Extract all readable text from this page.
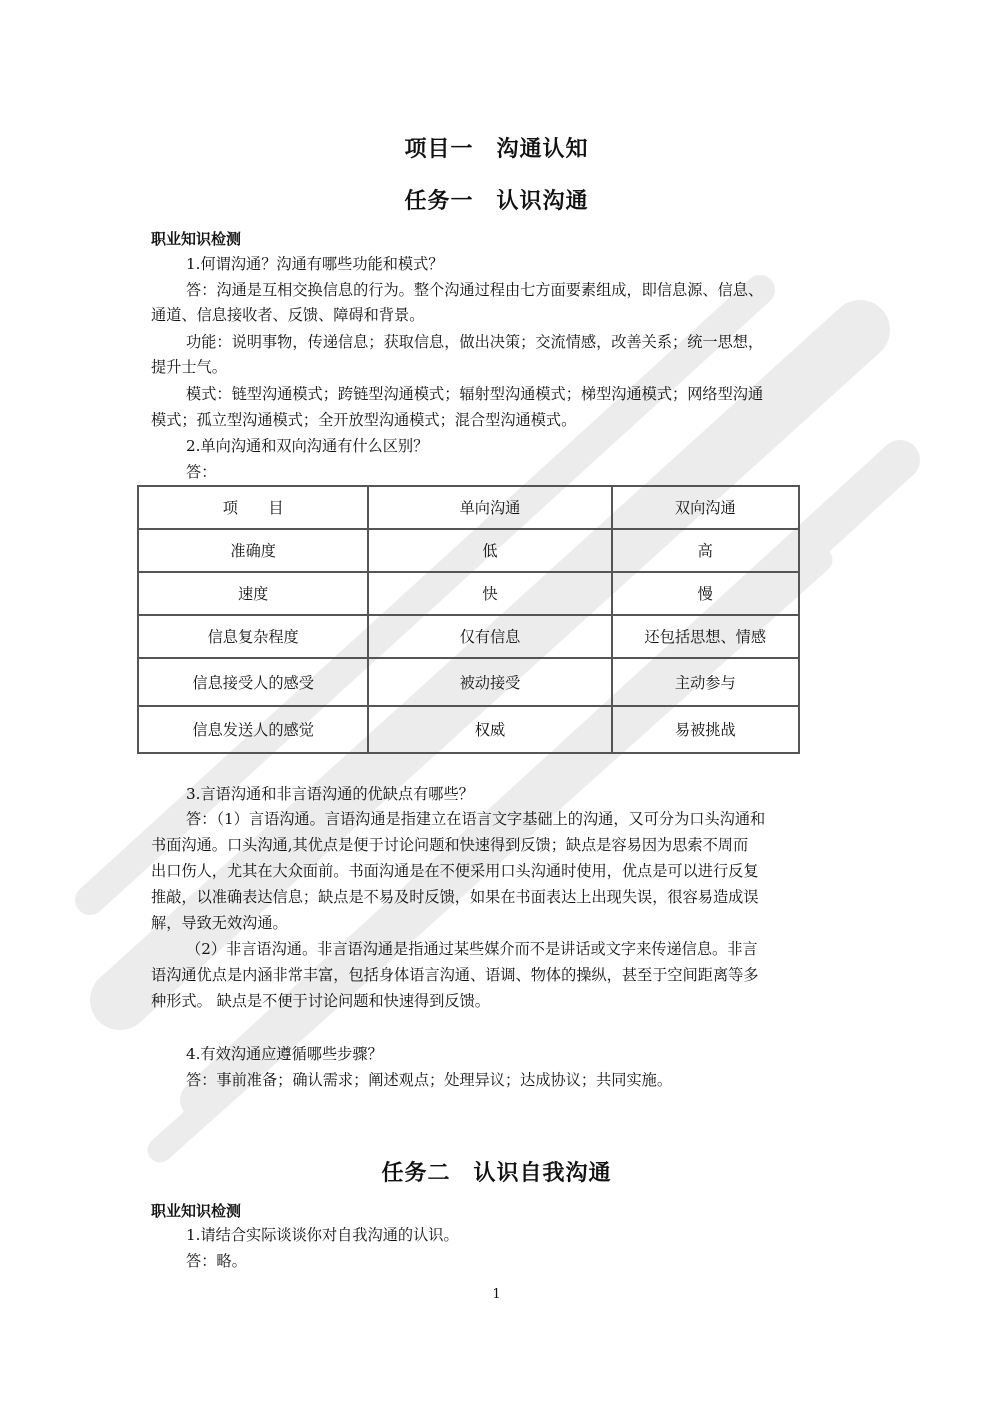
项目一　沟通认知
任务一　认识沟通
职业知识检测
1.何谓沟通？沟通有哪些功能和模式？
答：沟通是互相交换信息的行为。整个沟通过程由七方面要素组成，即信息源、信息、
通道、信息接收者、反馈、障碍和背景。
功能：说明事物，传递信息；获取信息，做出决策；交流情感，改善关系；统一思想，
提升士气。
模式：链型沟通模式；跨链型沟通模式；辐射型沟通模式；梯型沟通模式；网络型沟通
模式；孤立型沟通模式；全开放型沟通模式；混合型沟通模式。
2.单向沟通和双向沟通有什么区别？
答：
项　　目	单向沟通	双向沟通
准确度	低	高
速度	快	慢
信息复杂程度	仅有信息	还包括思想、情感
信息接受人的感受	被动接受	主动参与
信息发送人的感觉	权威	易被挑战
3.言语沟通和非言语沟通的优缺点有哪些？
答：（1）言语沟通。言语沟通是指建立在语言文字基础上的沟通，又可分为口头沟通和
书面沟通。口头沟通,其优点是便于讨论问题和快速得到反馈；缺点是容易因为思索不周而
出口伤人，尤其在大众面前。书面沟通是在不便采用口头沟通时使用，优点是可以进行反复
推敲，以准确表达信息；缺点是不易及时反馈，如果在书面表达上出现失误，很容易造成误
解，导致无效沟通。
（2）非言语沟通。非言语沟通是指通过某些媒介而不是讲话或文字来传递信息。非言
语沟通优点是内涵非常丰富，包括身体语言沟通、语调、物体的操纵，甚至于空间距离等多
种形式。 缺点是不便于讨论问题和快速得到反馈。
4.有效沟通应遵循哪些步骤？
答：事前准备；确认需求；阐述观点；处理异议；达成协议；共同实施。
任务二　认识自我沟通
职业知识检测
1.请结合实际谈谈你对自我沟通的认识。
答：略。
1
